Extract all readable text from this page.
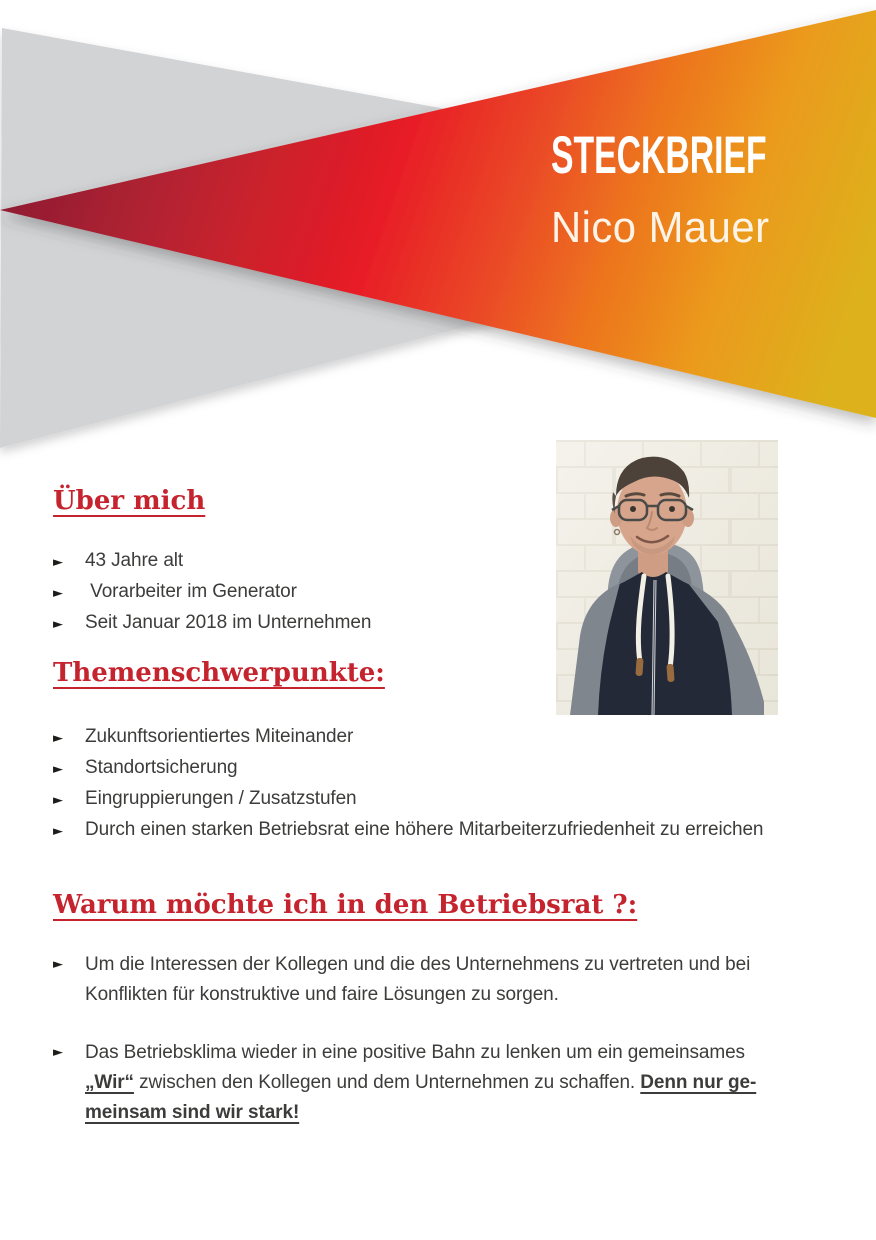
STECKBRIEF
Nico Mauer
Über mich
►	43 Jahre alt
►	Vorarbeiter im Generator
►	Seit Januar 2018 im Unternehmen
Themenschwerpunkte:
►	Zukunftsorientiertes Miteinander
►	Standortsicherung
►	Eingruppierungen / Zusatzstufen
►	Durch einen starken Betriebsrat eine höhere Mitarbeiterzufriedenheit zu erreichen
Warum möchte ich in den Betriebsrat ?:
►	Um die Interessen der Kollegen und die des Unternehmens zu vertreten und bei
Konflikten für konstruktive und faire Lösungen zu sorgen.

►	Das Betriebsklima wieder in eine positive Bahn zu lenken um ein gemeinsames
„Wir“ zwischen den Kollegen und dem Unternehmen zu schaffen. Denn nur ge-
meinsam sind wir stark!
